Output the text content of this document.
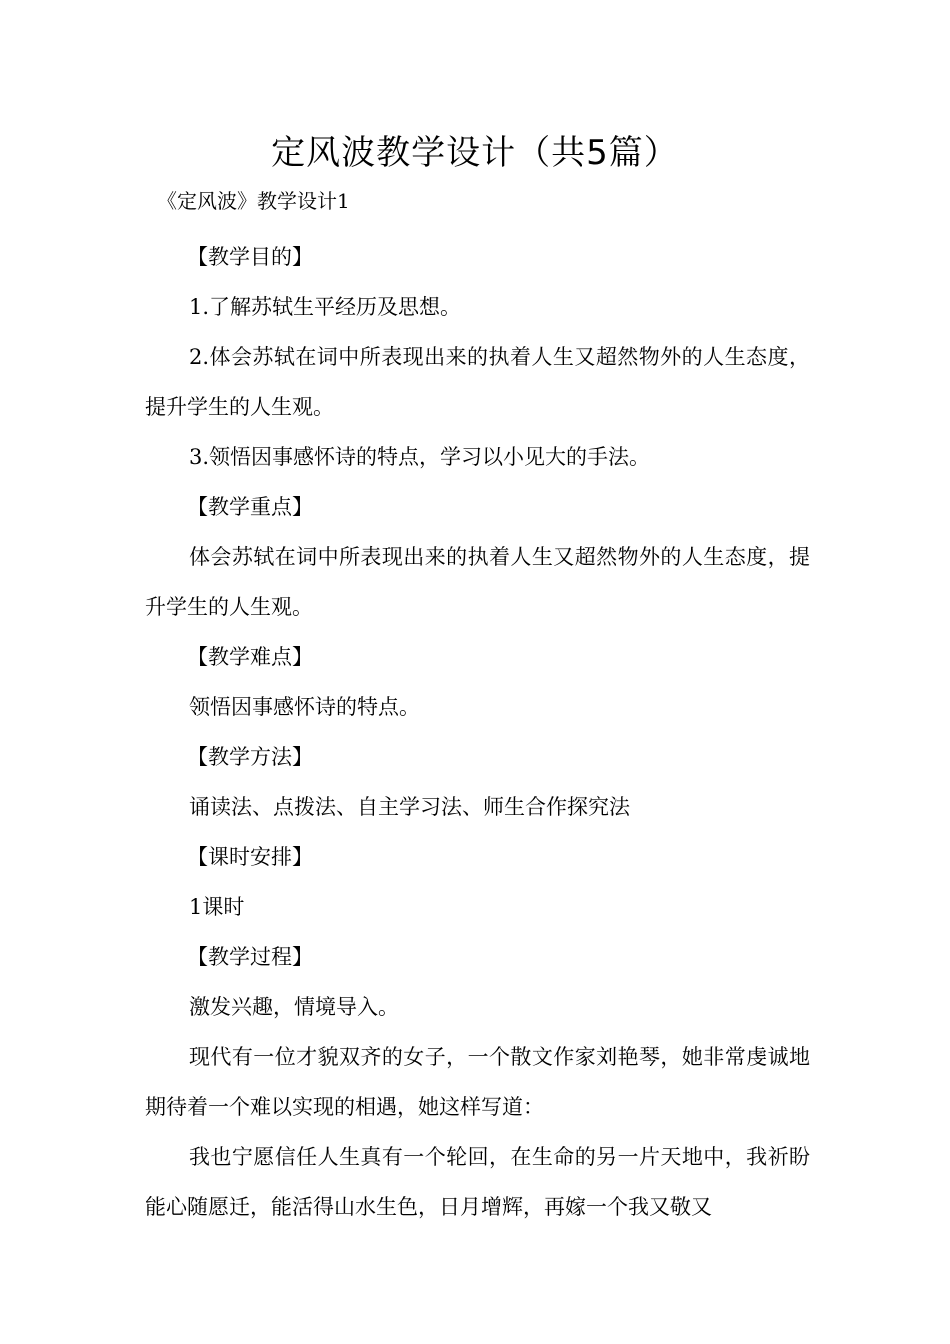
定风波教学设计（共5篇）
《定风波》教学设计1

【教学目的】

1.了解苏轼生平经历及思想。

2.体会苏轼在词中所表现出来的执着人生又超然物外的人生态度，提升学生的人生观。

3.领悟因事感怀诗的特点，学习以小见大的手法。

【教学重点】

体会苏轼在词中所表现出来的执着人生又超然物外的人生态度，提升学生的人生观。

【教学难点】

领悟因事感怀诗的特点。

【教学方法】

诵读法、点拨法、自主学习法、师生合作探究法

【课时安排】

1课时

【教学过程】

激发兴趣，情境导入。

现代有一位才貌双齐的女子，一个散文作家刘艳琴，她非常虔诚地期待着一个难以实现的相遇，她这样写道：

我也宁愿信任人生真有一个轮回，在生命的另一片天地中，我祈盼能心随愿迁，能活得山水生色，日月增辉，再嫁一个我又敬又
